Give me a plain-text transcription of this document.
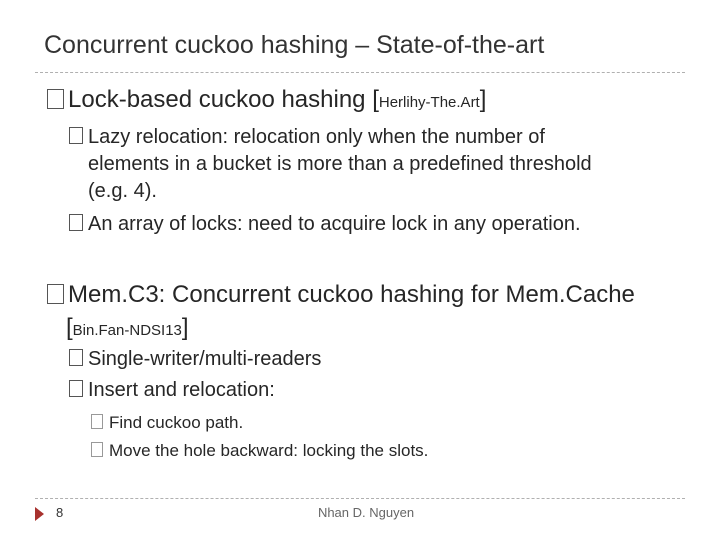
Concurrent cuckoo hashing – State-of-the-art
Lock-based cuckoo hashing [Herlihy-The.Art]
Lazy relocation: relocation only when the number of
elements in a bucket is more than a predefined threshold
(e.g. 4).
An array of locks: need to acquire lock in any operation.
Mem.C3: Concurrent cuckoo hashing for Mem.Cache
[Bin.Fan-NDSI13]
Single-writer/multi-readers
Insert and relocation:
Find cuckoo path.
Move the hole backward: locking the slots.
8	Nhan D. Nguyen
